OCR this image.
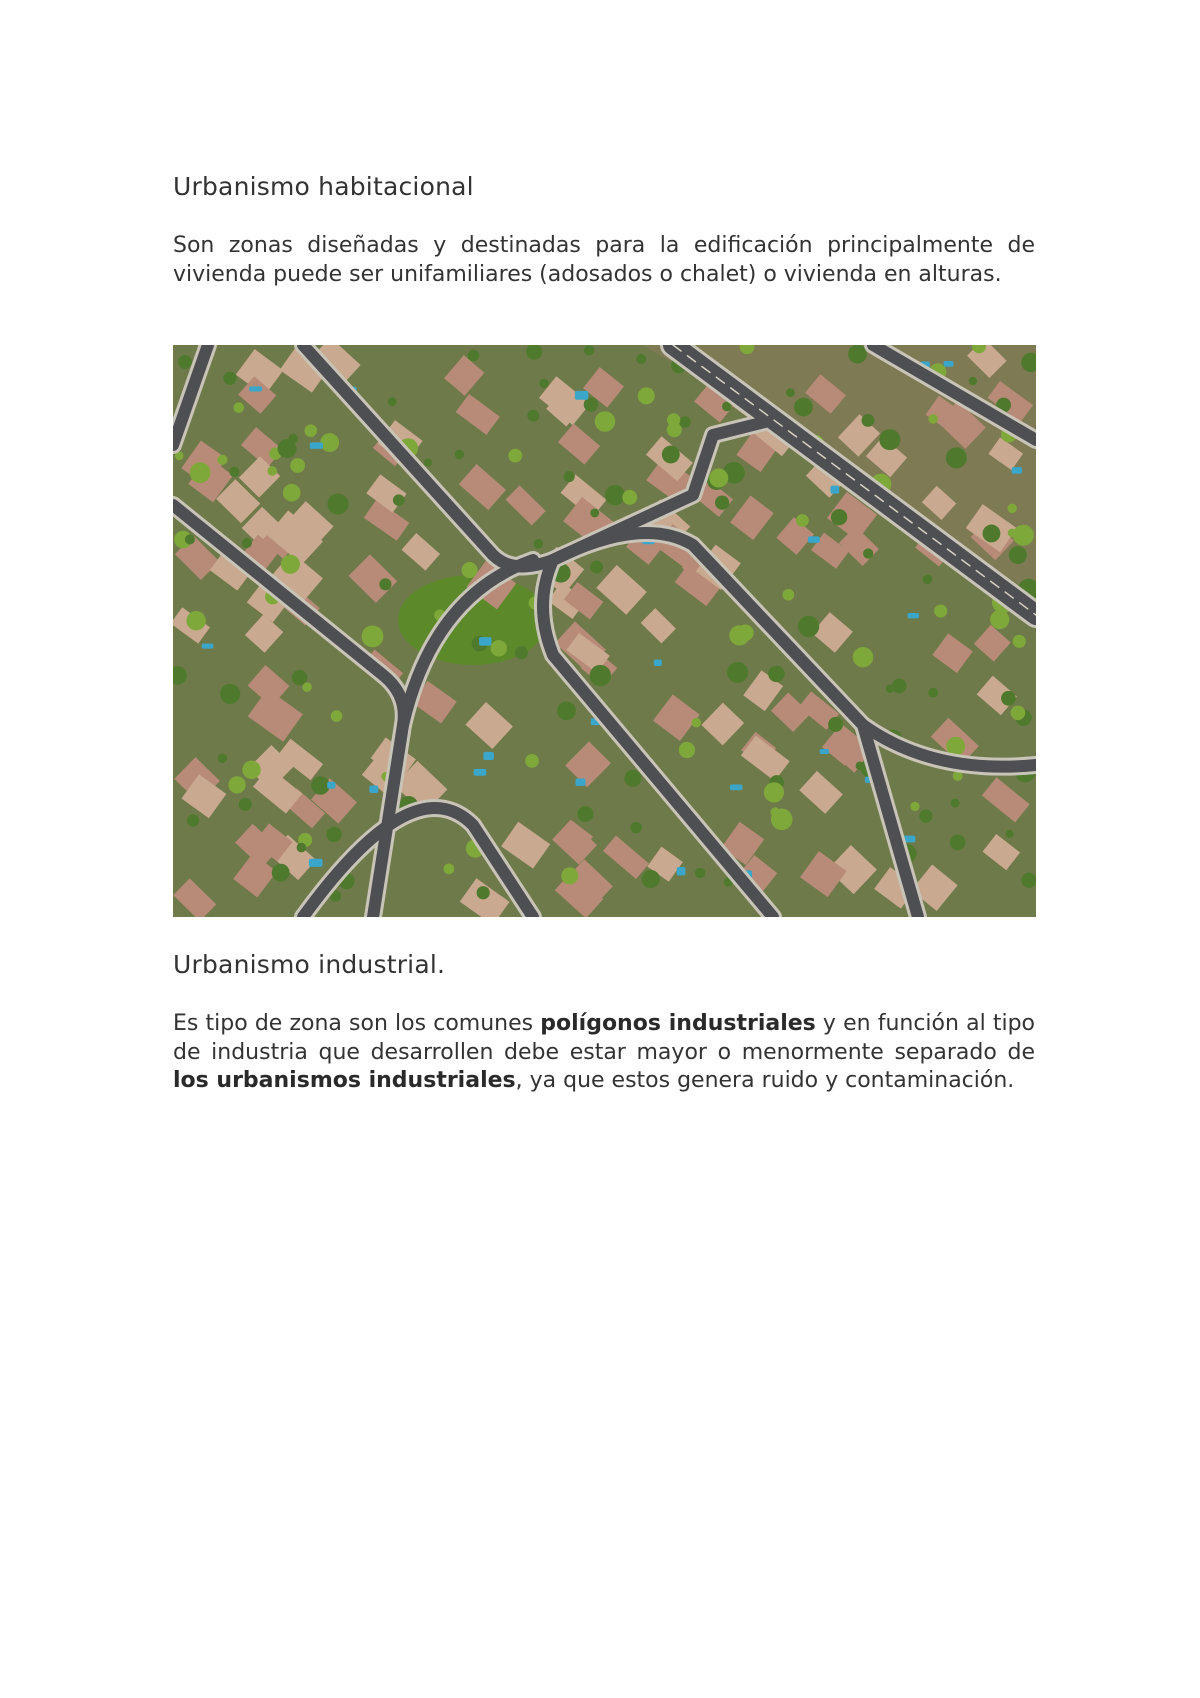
Urbanismo habitacional

Son zonas diseñadas y destinadas para la edificación principalmente de vivienda puede ser unifamiliares (adosados o chalet) o vivienda en alturas.

Urbanismo industrial.

Es tipo de zona son los comunes polígonos industriales y en función al tipo de industria que desarrollen debe estar mayor o menormente separado de los urbanismos industriales, ya que estos genera ruido y contaminación.
